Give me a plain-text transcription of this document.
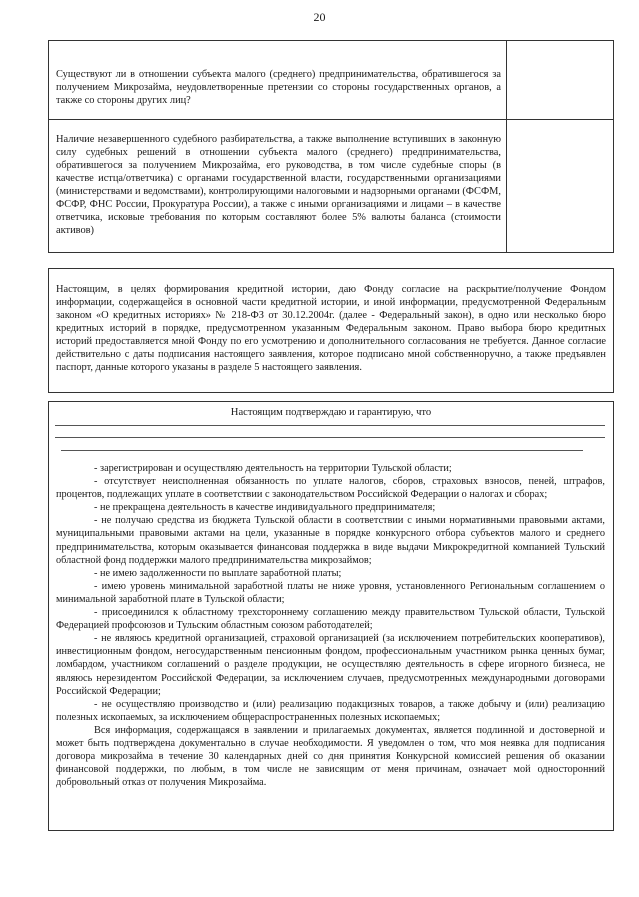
20
Существуют ли в отношении субъекта малого (среднего) предпринимательства, обратившегося за получением Микрозайма, неудовлетворенные претензии со стороны государственных органов, а также со стороны других лиц?
Наличие незавершенного судебного разбирательства, а также выполнение вступивших в законную силу судебных решений в отношении субъекта малого (среднего) предпринимательства, обратившегося за получением Микрозайма, его руководства, в том числе судебные споры (в качестве истца/ответчика) с органами государственной власти, государственными организациями (министерствами и ведомствами), контролирующими налоговыми и надзорными органами (ФСФМ, ФСФР, ФНС России, Прокуратура России), а также с иными организациями и лицами – в качестве ответчика, исковые требования по которым составляют более 5% валюты баланса (стоимости активов)
Настоящим, в целях формирования кредитной истории, даю Фонду согласие на раскрытие/получение Фондом информации, содержащейся в основной части кредитной истории, и иной информации, предусмотренной Федеральным законом «О кредитных историях» № 218-ФЗ от 30.12.2004г. (далее - Федеральный закон), в одно или несколько бюро кредитных историй в порядке, предусмотренном указанным Федеральным законом. Право выбора бюро кредитных историй предоставляется мной Фонду по его усмотрению и дополнительного согласования не требуется. Данное согласие действительно с даты подписания настоящего заявления, которое подписано мной собственноручно, а также предъявлен паспорт, данные которого указаны в разделе 5 настоящего заявления.
Настоящим подтверждаю и гарантирую, что

- зарегистрирован и осуществляю деятельность на территории Тульской области;

- отсутствует неисполненная обязанность по уплате налогов, сборов, страховых взносов, пеней, штрафов, процентов, подлежащих уплате в соответствии с законодательством Российской Федерации о налогах и сборах;

- не прекращена деятельность в качестве индивидуального предпринимателя;

- не получаю средства из бюджета Тульской области в соответствии с иными нормативными правовыми актами, муниципальными правовыми актами на цели, указанные в порядке конкурсного отбора субъектов малого и среднего предпринимательства, которым оказывается финансовая поддержка в виде выдачи Микрокредитной компанией Тульский областной фонд поддержки малого предпринимательства микрозаймов;

- не имею задолженности по выплате заработной платы;

- имею уровень минимальной заработной платы не ниже уровня, установленного Региональным соглашением о минимальной заработной плате в Тульской области;

- присоединился к областному трехстороннему соглашению между правительством Тульской области, Тульской Федерацией профсоюзов и Тульским областным союзом работодателей;

- не являюсь кредитной организацией, страховой организацией (за исключением потребительских кооперативов), инвестиционным фондом, негосударственным пенсионным фондом, профессиональным участником рынка ценных бумаг, ломбардом, участником соглашений о разделе продукции, не осуществляю деятельность в сфере игорного бизнеса, не являюсь нерезидентом Российской Федерации, за исключением случаев, предусмотренных международными договорами Российской Федерации;

- не осуществляю производство и (или) реализацию подакцизных товаров, а также добычу и (или) реализацию полезных ископаемых, за исключением общераспространенных полезных ископаемых;

Вся информация, содержащаяся в заявлении и прилагаемых документах, является подлинной и достоверной и может быть подтверждена документально в случае необходимости. Я уведомлен о том, что моя неявка для подписания договора микрозайма в течение 30 календарных дней со дня принятия Конкурсной комиссией решения об оказании финансовой поддержки, по любым, в том числе не зависящим от меня причинам, означает мой односторонний добровольный отказ от получения Микрозайма.
